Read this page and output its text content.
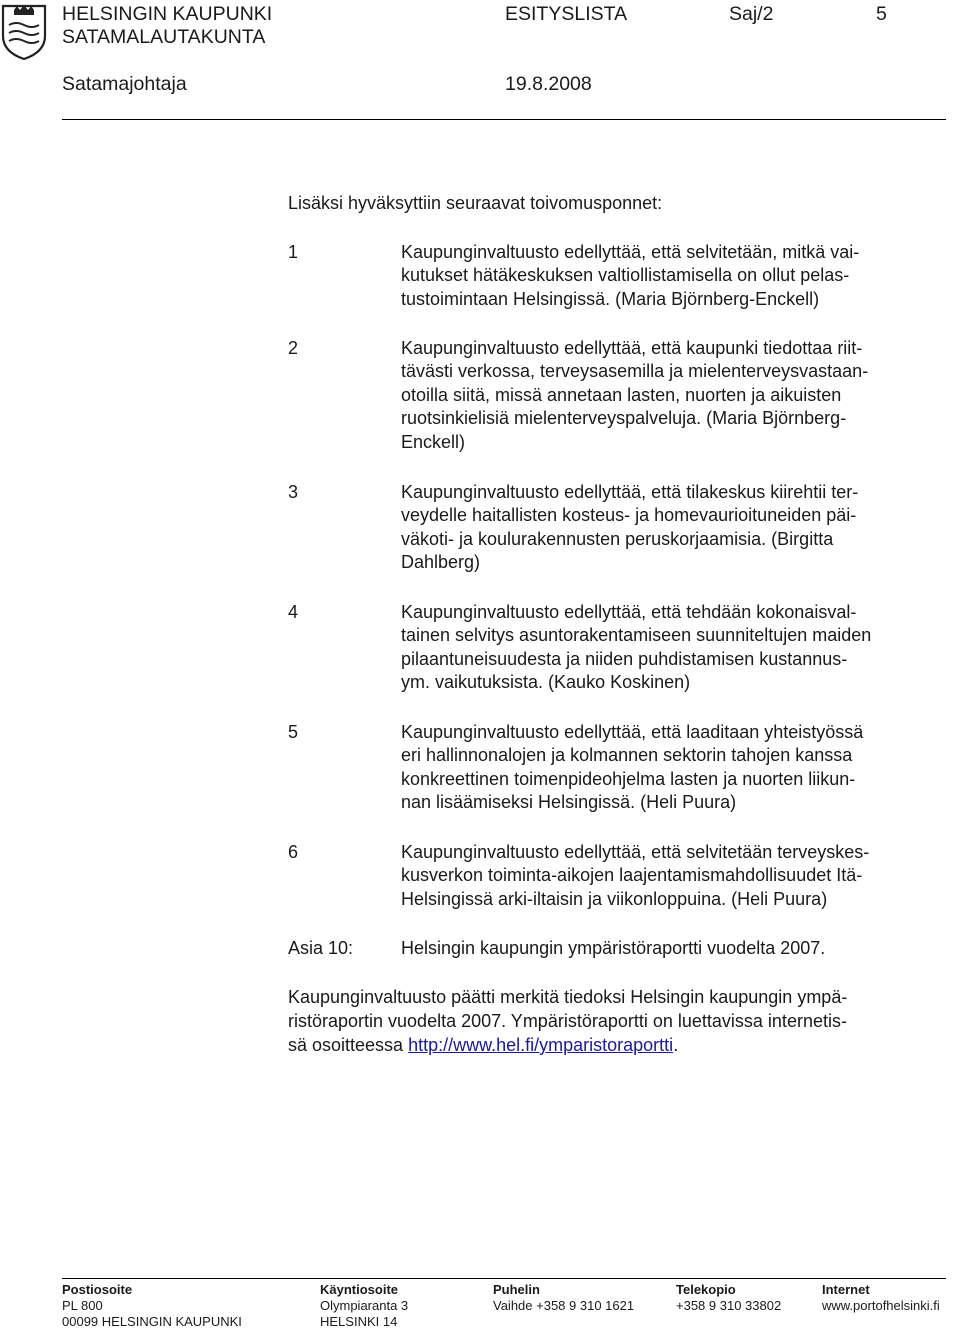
HELSINGIN KAUPUNKI
SATAMALAUTAKUNTA
ESITYSLISTA	Saj/2	5
Satamajohtaja	19.8.2008
Lisäksi hyväksyttiin seuraavat toivomusponnet:
1	Kaupunginvaltuusto edellyttää, että selvitetään, mitkä vai-
kutukset hätäkeskuksen valtiollistamisella on ollut pelas-
tustoimintaan Helsingissä. (Maria Björnberg-Enckell)
2	Kaupunginvaltuusto edellyttää, että kaupunki tiedottaa riit-
tävästi verkossa, terveysasemilla ja mielenterveysvastaan-
otoilla siitä, missä annetaan lasten, nuorten ja aikuisten
ruotsinkielisiä mielenterveyspalveluja. (Maria Björnberg-
Enckell)
3	Kaupunginvaltuusto edellyttää, että tilakeskus kiirehtii ter-
veydelle haitallisten kosteus- ja homevaurioituneiden päi-
väkoti- ja koulurakennusten peruskorjaamisia. (Birgitta
Dahlberg)
4	Kaupunginvaltuusto edellyttää, että tehdään kokonaisval-
tainen selvitys asuntorakentamiseen suunniteltujen maiden
pilaantuneisuudesta ja niiden puhdistamisen kustannus-
ym. vaikutuksista. (Kauko Koskinen)
5	Kaupunginvaltuusto edellyttää, että laaditaan yhteistyössä
eri hallinnonalojen ja kolmannen sektorin tahojen kanssa
konkreettinen toimenpideohjelma lasten ja nuorten liikun-
nan lisäämiseksi Helsingissä. (Heli Puura)
6	Kaupunginvaltuusto edellyttää, että selvitetään terveyskes-
kusverkon toiminta-aikojen laajentamismahdollisuudet Itä-
Helsingissä arki-iltaisin ja viikonloppuina. (Heli Puura)
Asia 10:	Helsingin kaupungin ympäristöraportti vuodelta 2007.
Kaupunginvaltuusto päätti merkitä tiedoksi Helsingin kaupungin ympä-
ristöraportin vuodelta 2007. Ympäristöraportti on luettavissa internetis-
sä osoitteessa http://www.hel.fi/ymparistoraportti.
Postiosoite
PL 800
00099 HELSINGIN KAUPUNKI
Käyntiosoite
Olympiaranta 3
HELSINKI 14
Puhelin
Vaihde +358 9 310 1621
Telekopio
+358 9 310 33802
Internet
www.portofhelsinki.fi
